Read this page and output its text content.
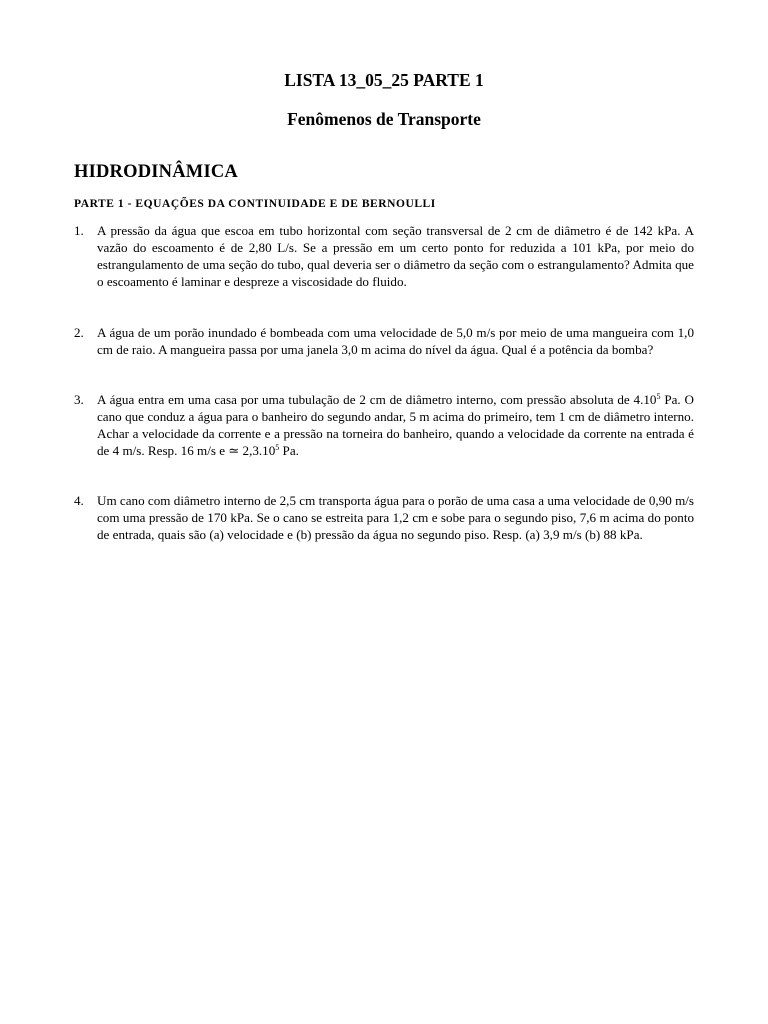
LISTA 13_05_25 PARTE 1
Fenômenos de Transporte
HIDRODINÂMICA
PARTE 1 - EQUAÇÕES DA CONTINUIDADE E DE BERNOULLI
1.	A pressão da água que escoa em tubo horizontal com seção transversal de 2 cm de diâmetro é de 142 kPa. A vazão do escoamento é de 2,80 L/s. Se a pressão em um certo ponto for reduzida a 101 kPa, por meio do estrangulamento de uma seção do tubo, qual deveria ser o diâmetro da seção com o estrangulamento? Admita que o escoamento é laminar e despreze a viscosidade do fluido.
2.	A água de um porão inundado é bombeada com uma velocidade de 5,0 m/s por meio de uma mangueira com 1,0 cm de raio. A mangueira passa por uma janela 3,0 m acima do nível da água. Qual é a potência da bomba?
3.	A água entra em uma casa por uma tubulação de 2 cm de diâmetro interno, com pressão absoluta de 4.10$^5$ Pa. O cano que conduz a água para o banheiro do segundo andar, 5 m acima do primeiro, tem 1 cm de diâmetro interno. Achar a velocidade da corrente e a pressão na torneira do banheiro, quando a velocidade da corrente na entrada é de 4 m/s. Resp. 16 m/s e ≃ 2,3.10$^5$ Pa.
4.	Um cano com diâmetro interno de 2,5 cm transporta água para o porão de uma casa a uma velocidade de 0,90 m/s com uma pressão de 170 kPa. Se o cano se estreita para 1,2 cm e sobe para o segundo piso, 7,6 m acima do ponto de entrada, quais são (a) velocidade e (b) pressão da água no segundo piso. Resp. (a) 3,9 m/s (b) 88 kPa.
